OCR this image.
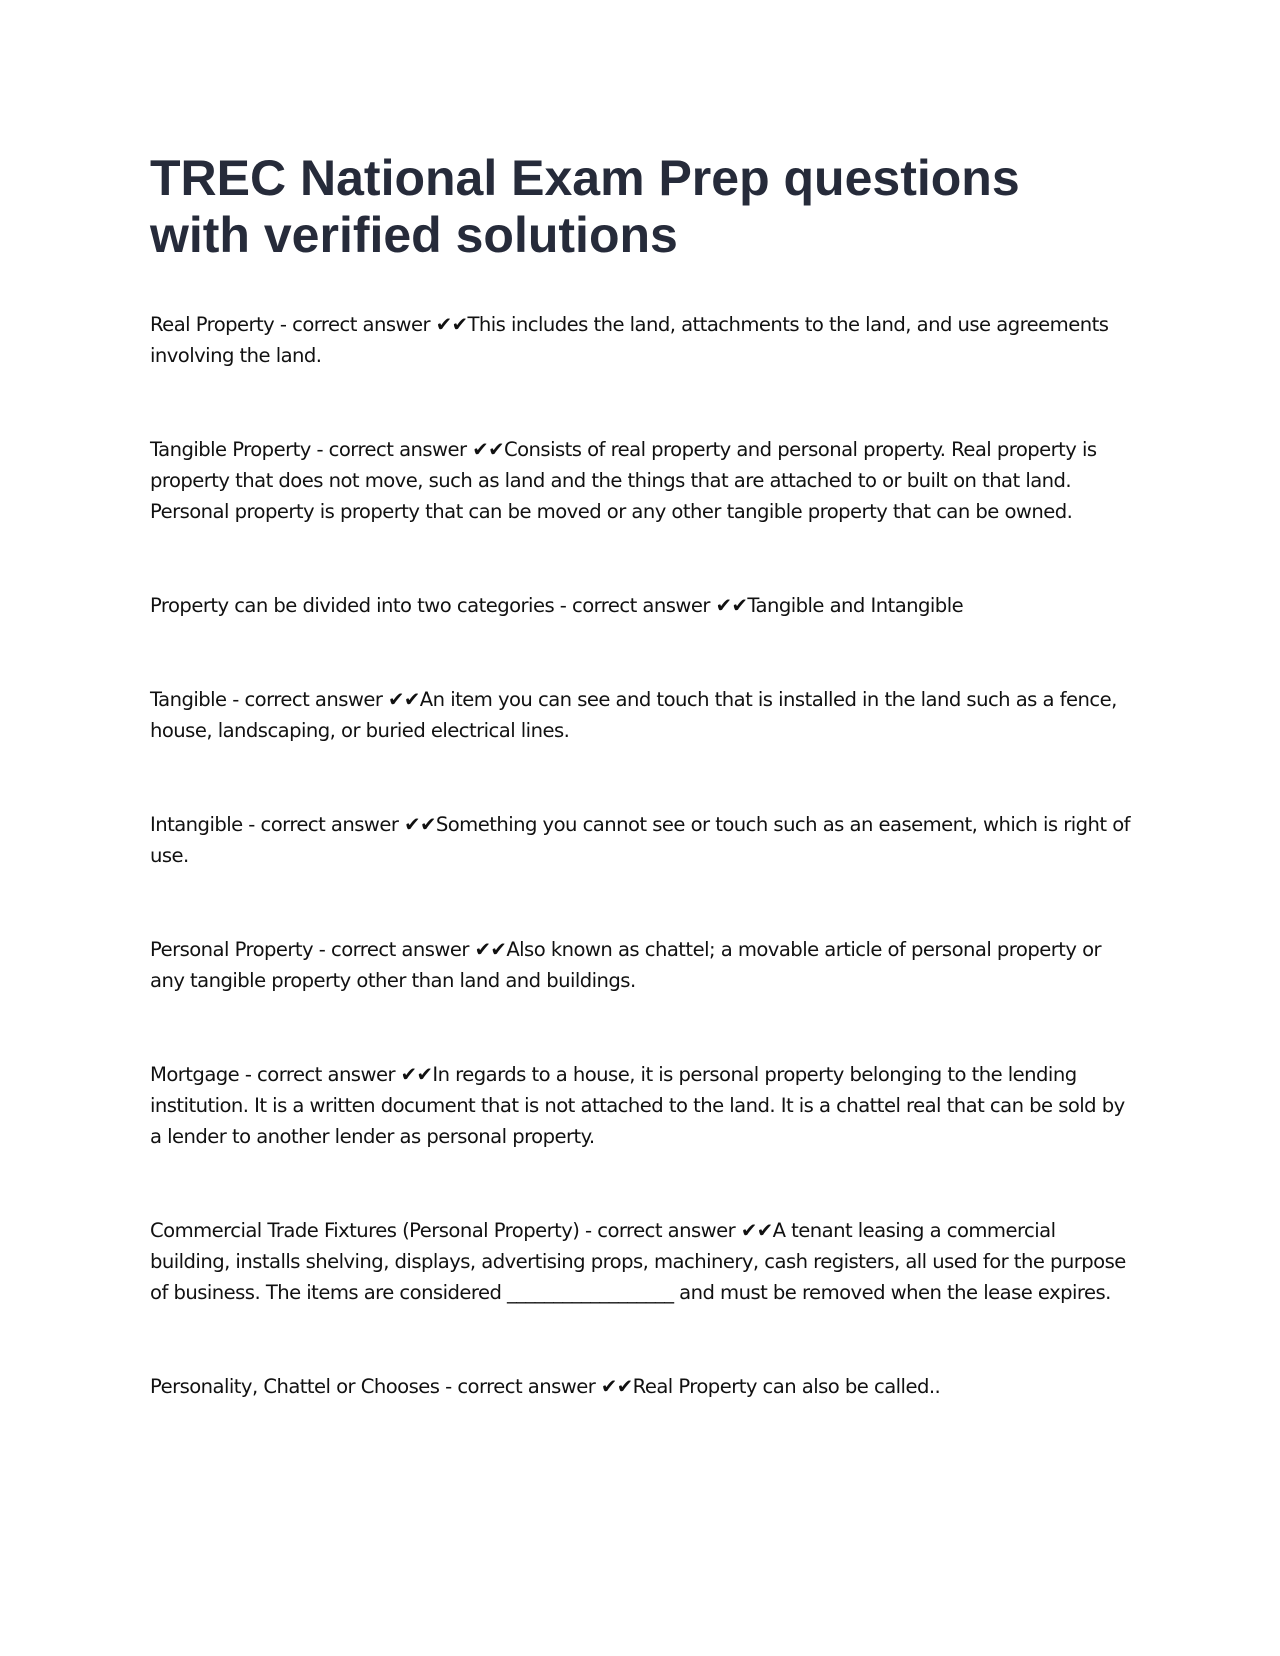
TREC National Exam Prep questions with verified solutions

Real Property - correct answer ✔✔This includes the land, attachments to the land, and use agreements involving the land.

Tangible Property - correct answer ✔✔Consists of real property and personal property. Real property is property that does not move, such as land and the things that are attached to or built on that land. Personal property is property that can be moved or any other tangible property that can be owned.

Property can be divided into two categories - correct answer ✔✔Tangible and Intangible

Tangible - correct answer ✔✔An item you can see and touch that is installed in the land such as a fence, house, landscaping, or buried electrical lines.

Intangible - correct answer ✔✔Something you cannot see or touch such as an easement, which is right of use.

Personal Property - correct answer ✔✔Also known as chattel; a movable article of personal property or any tangible property other than land and buildings.

Mortgage - correct answer ✔✔In regards to a house, it is personal property belonging to the lending institution. It is a written document that is not attached to the land. It is a chattel real that can be sold by a lender to another lender as personal property.

Commercial Trade Fixtures (Personal Property) - correct answer ✔✔A tenant leasing a commercial building, installs shelving, displays, advertising props, machinery, cash registers, all used for the purpose of business. The items are considered __________________ and must be removed when the lease expires.

Personality, Chattel or Chooses - correct answer ✔✔Real Property can also be called..
